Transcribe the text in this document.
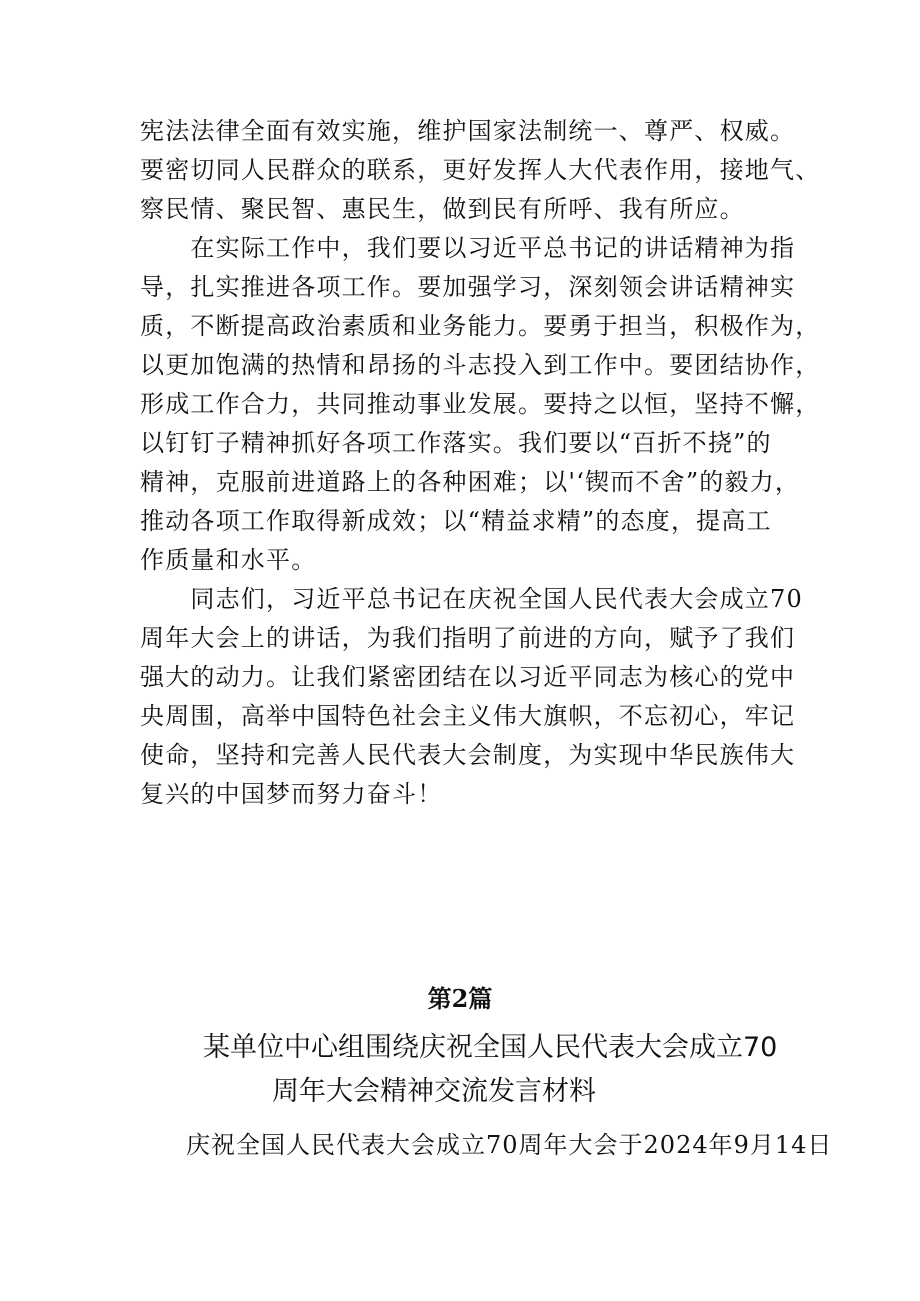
宪法法律全面有效实施，维护国家法制统一、尊严、权威。
要密切同人民群众的联系，更好发挥人大代表作用，接地气、
察民情、聚民智、惠民生，做到民有所呼、我有所应。
　　在实际工作中，我们要以习近平总书记的讲话精神为指
导，扎实推进各项工作。要加强学习，深刻领会讲话精神实
质，不断提高政治素质和业务能力。要勇于担当，积极作为，
以更加饱满的热情和昂扬的斗志投入到工作中。要团结协作，
形成工作合力，共同推动事业发展。要持之以恒，坚持不懈，
以钉钉子精神抓好各项工作落实。我们要以“百折不挠”的
精神，克服前进道路上的各种困难；以'‘锲而不舍”的毅力，
推动各项工作取得新成效；以“精益求精”的态度，提高工
作质量和水平。
　　同志们，习近平总书记在庆祝全国人民代表大会成立70
周年大会上的讲话，为我们指明了前进的方向，赋予了我们
强大的动力。让我们紧密团结在以习近平同志为核心的党中
央周围，高举中国特色社会主义伟大旗帜，不忘初心，牢记
使命，坚持和完善人民代表大会制度，为实现中华民族伟大
复兴的中国梦而努力奋斗！
第2篇
某单位中心组围绕庆祝全国人民代表大会成立70
周年大会精神交流发言材料
庆祝全国人民代表大会成立70周年大会于2024年9月14日
